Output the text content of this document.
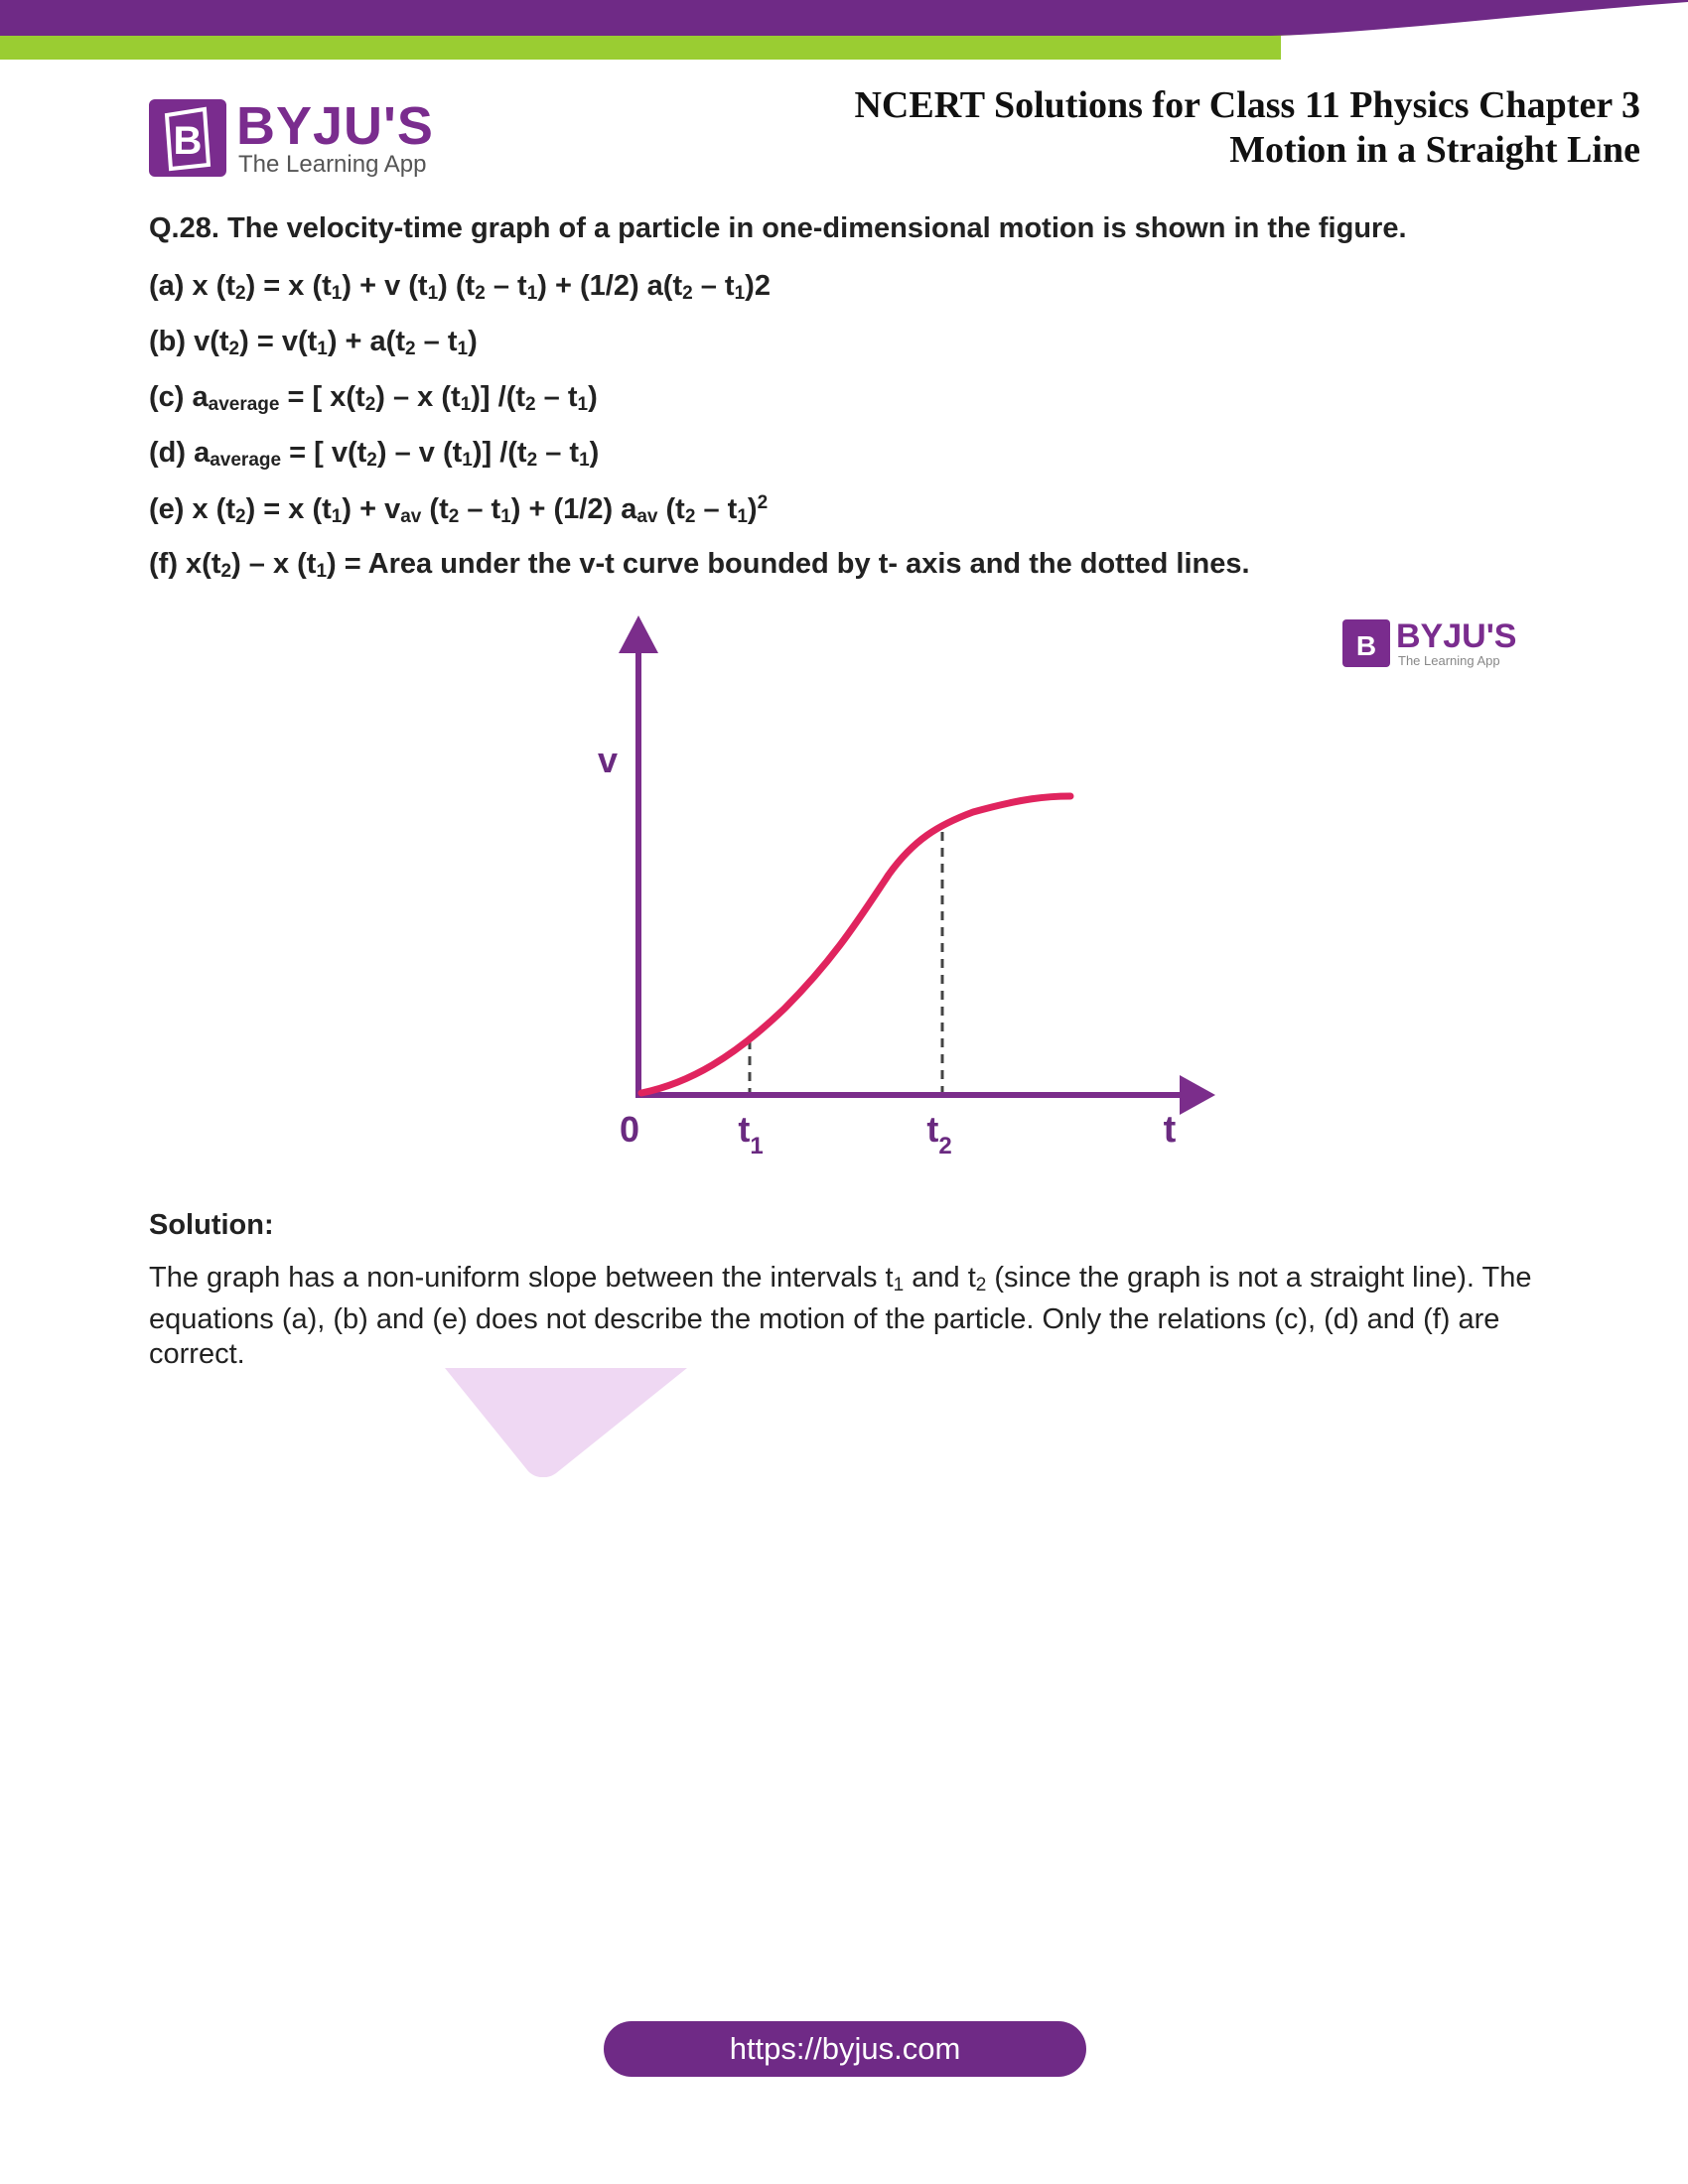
B BYJU'S
The Learning App
NCERT Solutions for Class 11 Physics Chapter 3
Motion in a Straight Line
Q.28. The velocity-time graph of a particle in one-dimensional motion is shown in the figure.
(a) x $(t_2) = x$ $(t_1) + v$ $(t_1)$ $(t_2 - t_1) + (1/2)$ $a(t_2 - t_1)2$
(b) $v(t_2) = v(t_1) + a(t_2 - t_1)$
(c) $a_{average}$ = [ $x(t_2)$ – x $(t_1)$] $/(t_2 - t_1)$
(d) $a_{average}$ = [ $v(t_2)$ – v $(t_1)$] $/(t_2 - t_1)$
(e) x $(t_2) = x$ $(t_1) + v_{av}$ $(t_2 - t_1) + (1/2)$ $a_{av}$ $(t_2 - t_1)^2$
(f) $x(t_2)$ – x $(t_1)$ = Area under the v-t curve bounded by t- axis and the dotted lines.
v
0	$t_1$	$t_2$	t
B BYJU'S
The Learning App
Solution:
The graph has a non-uniform slope between the intervals $t_1$ and $t_2$ (since the graph is not a straight line). The equations (a), (b) and (e) does not describe the motion of the particle. Only the relations (c), (d) and (f) are correct.
https://byjus.com
